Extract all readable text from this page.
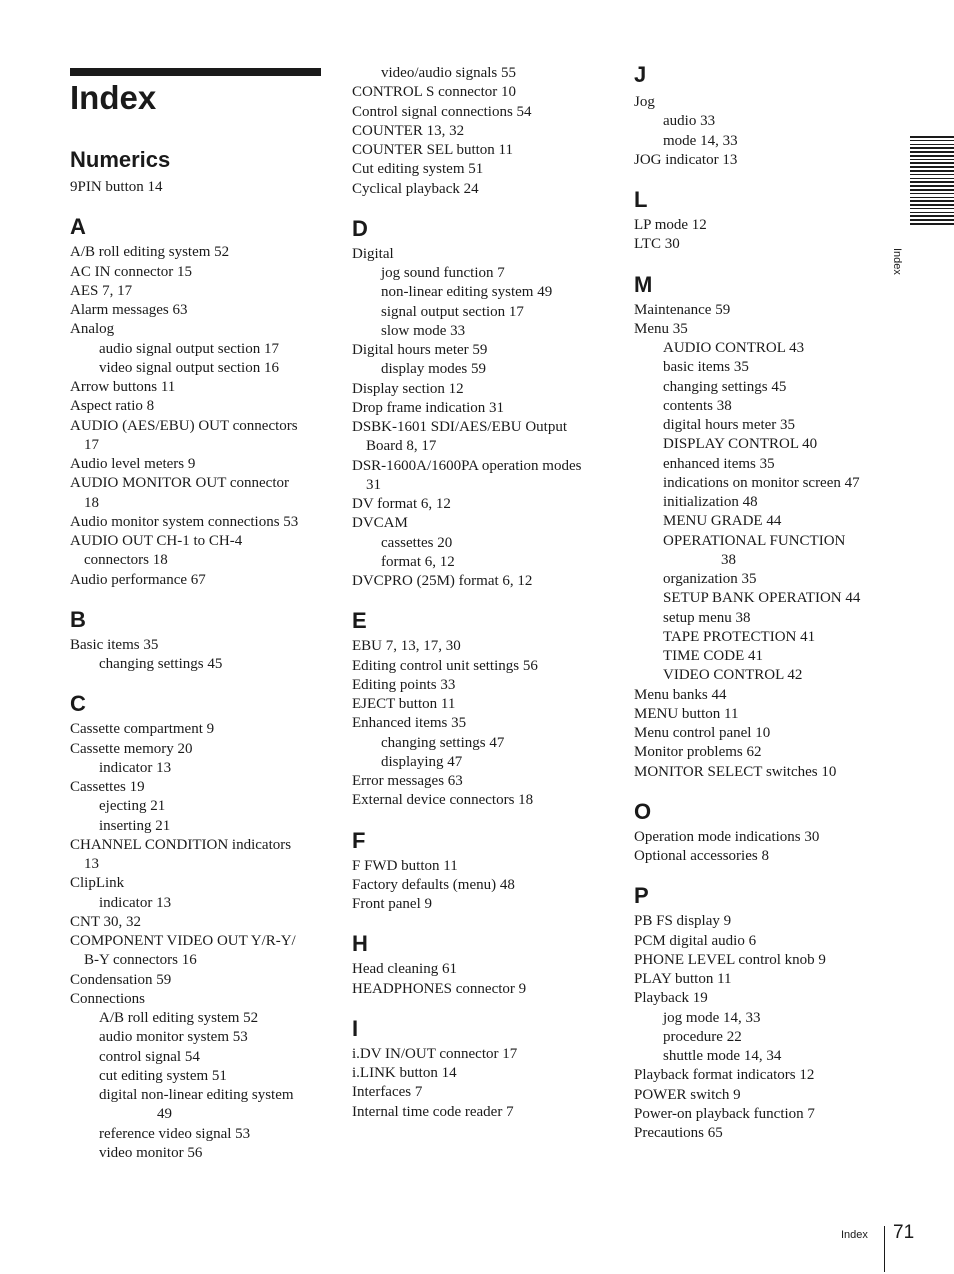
Index
Numerics
9PIN button 14
A
A/B roll editing system 52
AC IN connector 15
AES 7, 17
Alarm messages 63
Analog
audio signal output section 17
video signal output section 16
Arrow buttons 11
Aspect ratio 8
AUDIO (AES/EBU) OUT connectors
17
Audio level meters 9
AUDIO MONITOR OUT connector
18
Audio monitor system connections 53
AUDIO OUT CH-1 to CH-4
connectors 18
Audio performance 67
B
Basic items 35
changing settings 45
C
Cassette compartment 9
Cassette memory 20
indicator 13
Cassettes 19
ejecting 21
inserting 21
CHANNEL CONDITION indicators
13
ClipLink
indicator 13
CNT 30, 32
COMPONENT VIDEO OUT Y/R-Y/
B-Y connectors 16
Condensation 59
Connections
A/B roll editing system 52
audio monitor system 53
control signal 54
cut editing system 51
digital non-linear editing system
49
reference video signal 53
video monitor 56
video/audio signals 55
CONTROL S connector 10
Control signal connections 54
COUNTER 13, 32
COUNTER SEL button 11
Cut editing system 51
Cyclical playback 24
D
Digital
jog sound function 7
non-linear editing system 49
signal output section 17
slow mode 33
Digital hours meter 59
display modes 59
Display section 12
Drop frame indication 31
DSBK-1601 SDI/AES/EBU Output
Board 8, 17
DSR-1600A/1600PA operation modes
31
DV format 6, 12
DVCAM
cassettes 20
format 6, 12
DVCPRO (25M) format 6, 12
E
EBU 7, 13, 17, 30
Editing control unit settings 56
Editing points 33
EJECT button 11
Enhanced items 35
changing settings 47
displaying 47
Error messages 63
External device connectors 18
F
F FWD button 11
Factory defaults (menu) 48
Front panel 9
H
Head cleaning 61
HEADPHONES connector 9
I
i.DV IN/OUT connector 17
i.LINK button 14
Interfaces 7
Internal time code reader 7
J
Jog
audio 33
mode 14, 33
JOG indicator 13
L
LP mode 12
LTC 30
M
Maintenance 59
Menu 35
AUDIO CONTROL 43
basic items 35
changing settings 45
contents 38
digital hours meter 35
DISPLAY CONTROL 40
enhanced items 35
indications on monitor screen 47
initialization 48
MENU GRADE 44
OPERATIONAL FUNCTION
38
organization 35
SETUP BANK OPERATION 44
setup menu 38
TAPE PROTECTION 41
TIME CODE 41
VIDEO CONTROL 42
Menu banks 44
MENU button 11
Menu control panel 10
Monitor problems 62
MONITOR SELECT switches 10
O
Operation mode indications 30
Optional accessories 8
P
PB FS display 9
PCM digital audio 6
PHONE LEVEL control knob 9
PLAY button 11
Playback 19
jog mode 14, 33
procedure 22
shuttle mode 14, 34
Playback format indicators 12
POWER switch 9
Power-on playback function 7
Precautions 65
Index
Index 71
